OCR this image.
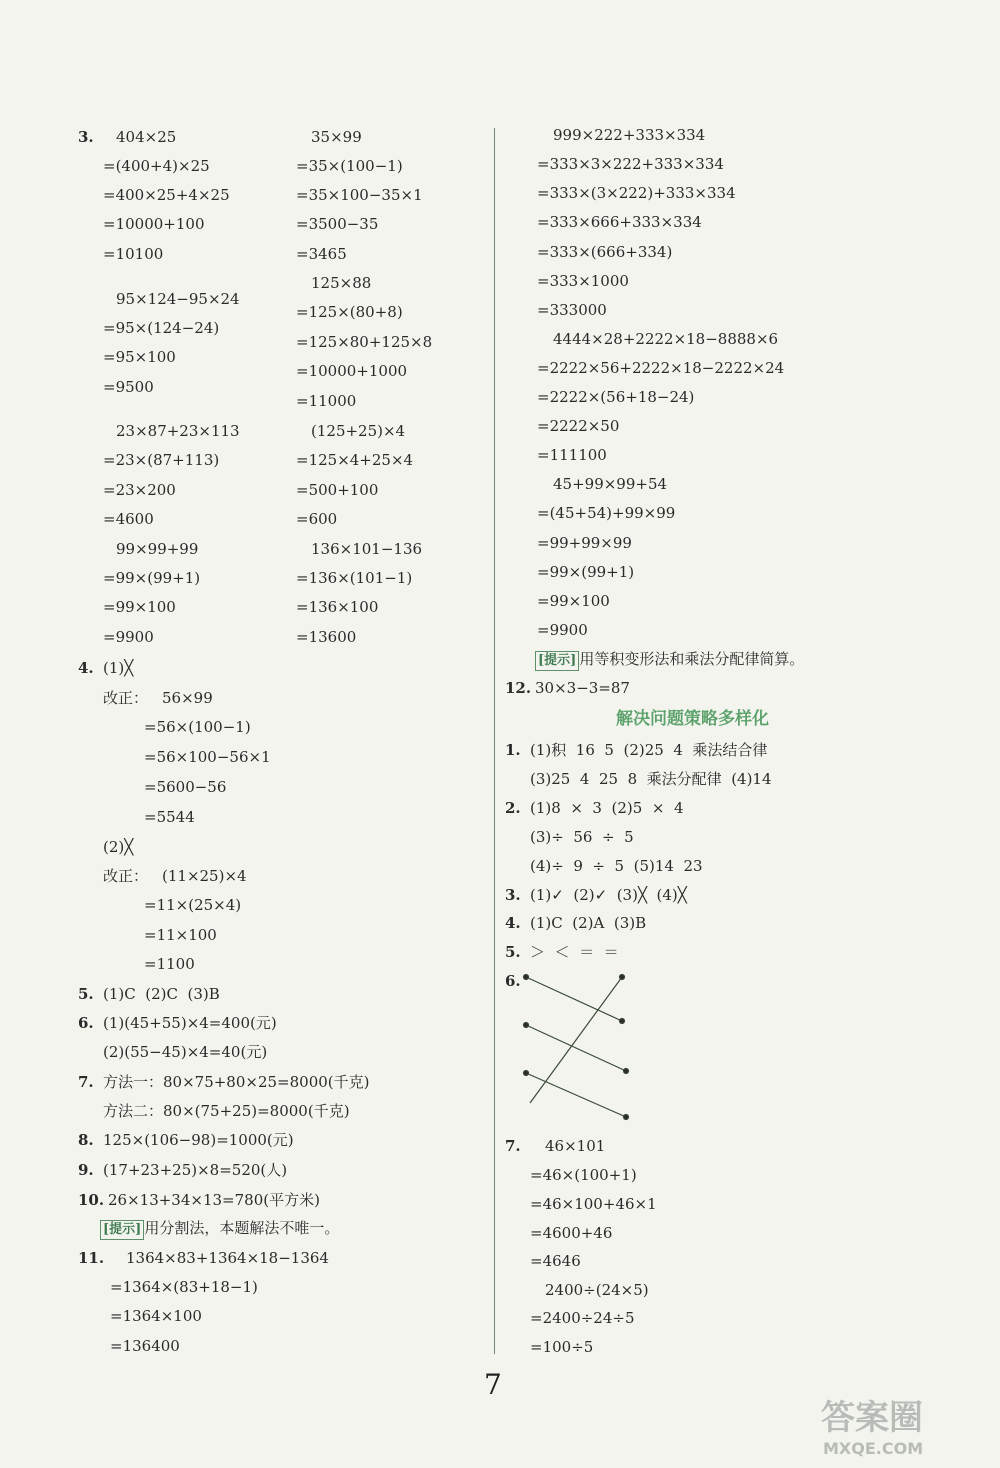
3. 404×25
=(400+4)×25
=400×25+4×25
=10000+100
=10100
35×99
=35×(100−1)
=35×100−35×1
=3500−35
=3465
95×124−95×24
=95×(124−24)
=95×100
=9500
125×88
=125×(80+8)
=125×80+125×8
=10000+1000
=11000
23×87+23×113
=23×(87+113)
=23×200
=4600
(125+25)×4
=125×4+25×4
=500+100
=600
99×99+99
=99×(99+1)
=99×100
=9900
136×101−136
=136×(101−1)
=136×100
=13600
4. (1)╳
改正： 56×99
=56×(100−1)
=56×100−56×1
=5600−56
=5544
(2)╳
改正： (11×25)×4
=11×(25×4)
=11×100
=1100
5. (1)C  (2)C  (3)B
6. (1)(45+55)×4=400(元)
(2)(55−45)×4=40(元)
7. 方法一：80×75+80×25=8000(千克)
方法二：80×(75+25)=8000(千克)
8. 125×(106−98)=1000(元)
9. (17+23+25)×8=520(人)
10. 26×13+34×13=780(平方米)
[提示] 用分割法，本题解法不唯一。
11. 1364×83+1364×18−1364
=1364×(83+18−1)
=1364×100
=136400
999×222+333×334
=333×3×222+333×334
=333×(3×222)+333×334
=333×666+333×334
=333×(666+334)
=333×1000
=333000
4444×28+2222×18−8888×6
=2222×56+2222×18−2222×24
=2222×(56+18−24)
=2222×50
=111100
45+99×99+54
=(45+54)+99×99
=99+99×99
=99×(99+1)
=99×100
=9900
[提示] 用等积变形法和乘法分配律简算。
12. 30×3−3=87
解决问题策略多样化
1. (1)积  16  5  (2)25  4  乘法结合律
(3)25  4  25  8  乘法分配律  (4)14
2. (1)8  ×  3  (2)5  ×  4
(3)÷  56  ÷  5
(4)÷  9  ÷  5  (5)14  23
3. (1)✓  (2)✓  (3)╳  (4)╳
4. (1)C  (2)A  (3)B
5. ＞  ＜  ＝  ＝
6.
7. 46×101
=46×(100+1)
=46×100+46×1
=4600+46
=4646
2400÷(24×5)
=2400÷24÷5
=100÷5
7
答案圈
MXQE.COM
